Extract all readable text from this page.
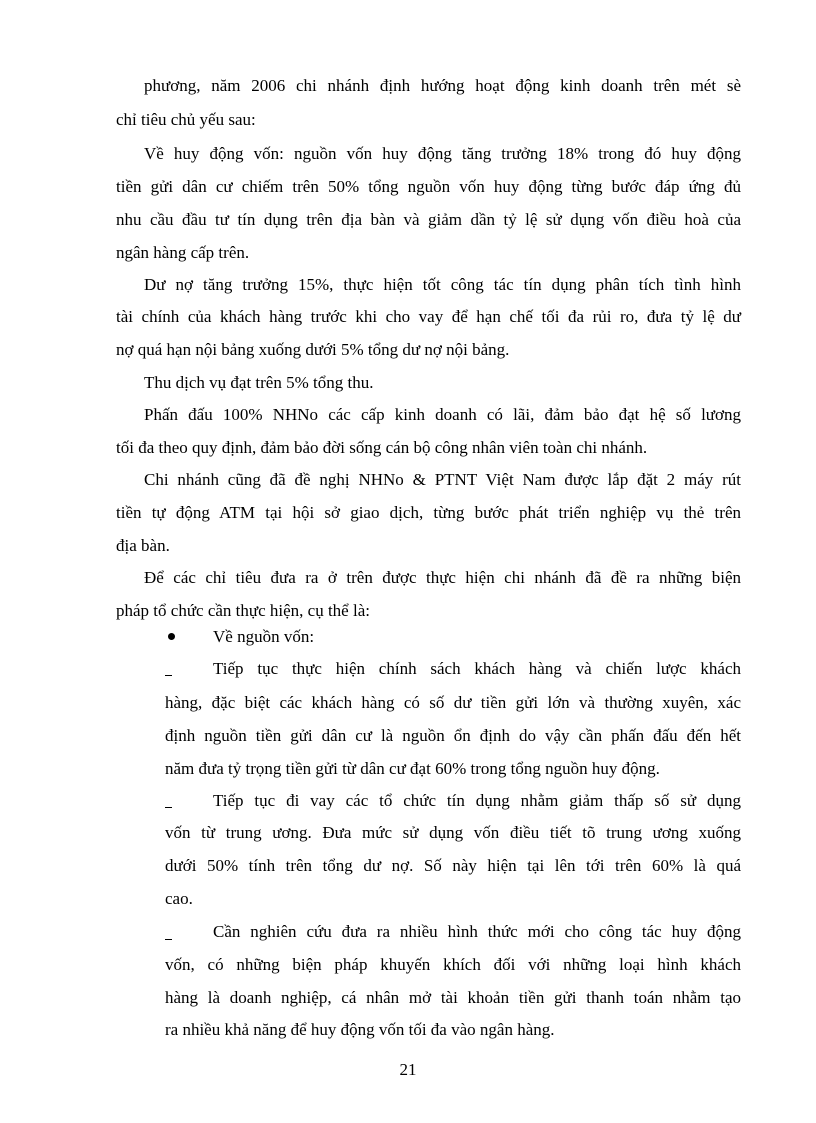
phương, năm 2006 chi nhánh định hướng hoạt động kinh doanh trên mét sè
chỉ tiêu chủ yếu sau:
Về huy động vốn: nguồn vốn huy động tăng trưởng 18% trong đó huy động
tiền gửi dân cư chiếm trên 50% tổng nguồn vốn huy động từng bước đáp ứng đủ
nhu cầu đầu tư tín dụng trên địa bàn và giảm dần tỷ lệ sử dụng vốn điều hoà của
ngân hàng cấp trên.
Dư nợ tăng trưởng 15%, thực hiện tốt công tác tín dụng phân tích tình hình
tài chính của khách hàng trước khi cho vay để hạn chế tối đa rủi ro, đưa tỷ lệ dư
nợ quá hạn nội bảng xuống dưới 5% tổng dư nợ nội bảng.
Thu dịch vụ đạt trên 5% tổng thu.
Phấn đấu 100% NHNo các cấp kinh doanh có lãi, đảm bảo đạt hệ số lương
tối đa theo quy định, đảm bảo đời sống cán bộ công nhân viên toàn chi nhánh.
Chi nhánh cũng đã đề nghị NHNo & PTNT Việt Nam được lắp đặt 2 máy rút
tiền tự động ATM tại hội sở giao dịch, từng bước phát triển nghiệp vụ thẻ trên
địa bàn.
Để các chỉ tiêu đưa ra ở trên được thực hiện chi nhánh đã đề ra những biện
pháp tổ chức cần thực hiện, cụ thể là:
Về nguồn vốn:
Tiếp tục thực hiện chính sách khách hàng và chiến lược khách
hàng, đặc biệt các khách hàng có số dư tiền gửi lớn và thường xuyên, xác
định nguồn tiền gửi dân cư là nguồn ổn định do vậy cần phấn đấu đến hết
năm đưa tỷ trọng tiền gửi từ dân cư đạt 60% trong tổng nguồn huy động.
Tiếp tục đi vay các tổ chức tín dụng nhằm giảm thấp số sử dụng
vốn từ trung ương. Đưa mức sử dụng vốn điều tiết tõ trung ương xuống
dưới 50% tính trên tổng dư nợ. Số này hiện tại lên tới trên 60% là quá
cao.
Cần nghiên cứu đưa ra nhiều hình thức mới cho công tác huy động
vốn, có những biện pháp khuyến khích đối với những loại hình khách
hàng là doanh nghiệp, cá nhân mở tài khoản tiền gửi thanh toán nhằm tạo
ra nhiều khả năng để huy động vốn tối đa vào ngân hàng.
21
